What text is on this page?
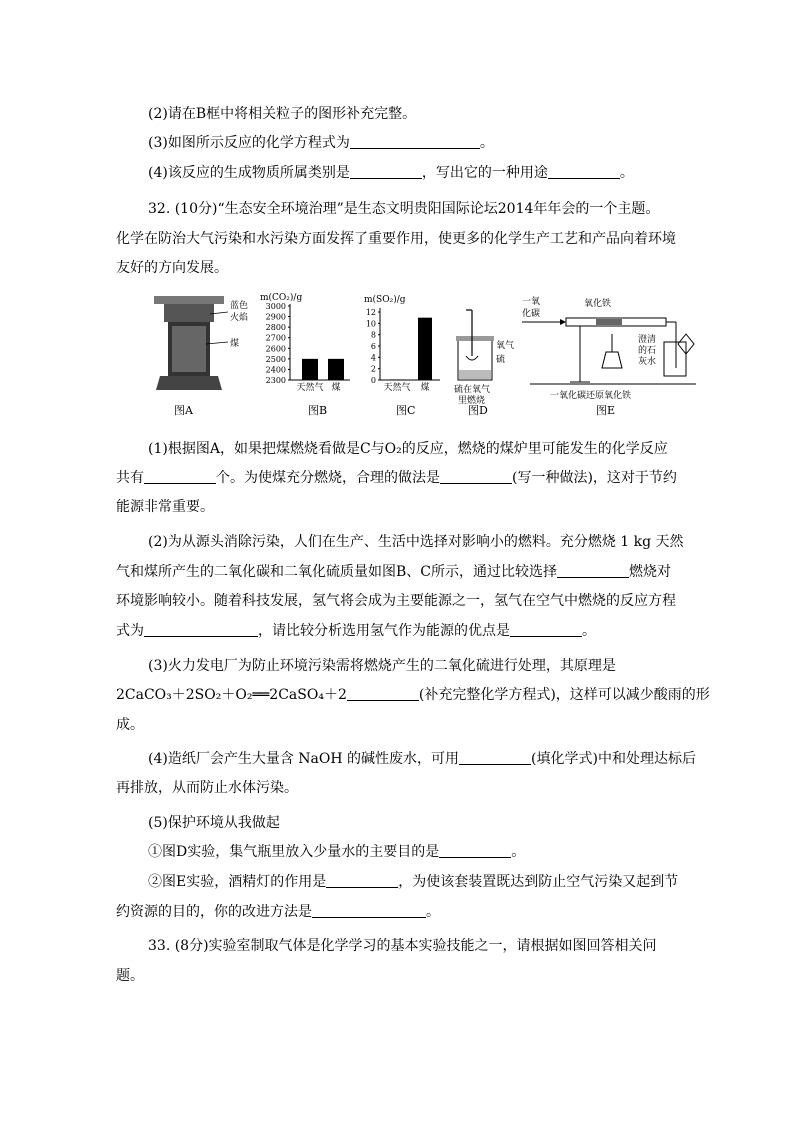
(2)请在B框中将相关粒子的图形补充完整。
(3)如图所示反应的化学方程式为	。
(4)该反应的生成物质所属类别是	，写出它的一种用途	。
32. (10分)“生态安全环境治理”是生态文明贵阳国际论坛2014年年会的一个主题。
化学在防治大气污染和水污染方面发挥了重要作用，使更多的化学生产工艺和产品向着环境
友好的方向发展。
蓝色
火焰
煤
m(CO₂)/g
2300
2400
2500
2600
2700
2800
2900
3000
天然气 煤
m(SO₂)/g
0
2
4
6
8
10
12
天然气 煤
氧气
硫
硫在氧气
里燃烧
一氧
化碳
氧化铁
澄清
的石
灰水
一氧化碳还原氧化铁
图A	图B	图C	图D	图E
(1)根据图A，如果把煤燃烧看做是C与O₂的反应，燃烧的煤炉里可能发生的化学反应
共有	个。为使煤充分燃烧，合理的做法是	(写一种做法)，这对于节约
能源非常重要。
(2)为从源头消除污染，人们在生产、生活中选择对影响小的燃料。充分燃烧 1 kg 天然
气和煤所产生的二氧化碳和二氧化硫质量如图B、C所示，通过比较选择	燃烧对
环境影响较小。随着科技发展，氢气将会成为主要能源之一，氢气在空气中燃烧的反应方程
式为	，请比较分析选用氢气作为能源的优点是	。
(3)火力发电厂为防止环境污染需将燃烧产生的二氧化硫进行处理，其原理是
2CaCO₃＋2SO₂＋O₂══2CaSO₄＋2	(补充完整化学方程式)，这样可以减少酸雨的形
成。
(4)造纸厂会产生大量含 NaOH 的碱性废水，可用	(填化学式)中和处理达标后
再排放，从而防止水体污染。
(5)保护环境从我做起
①图D实验，集气瓶里放入少量水的主要目的是	。
②图E实验，酒精灯的作用是	，为使该套装置既达到防止空气污染又起到节
约资源的目的，你的改进方法是	。
33. (8分)实验室制取气体是化学学习的基本实验技能之一，请根据如图回答相关问
题。
